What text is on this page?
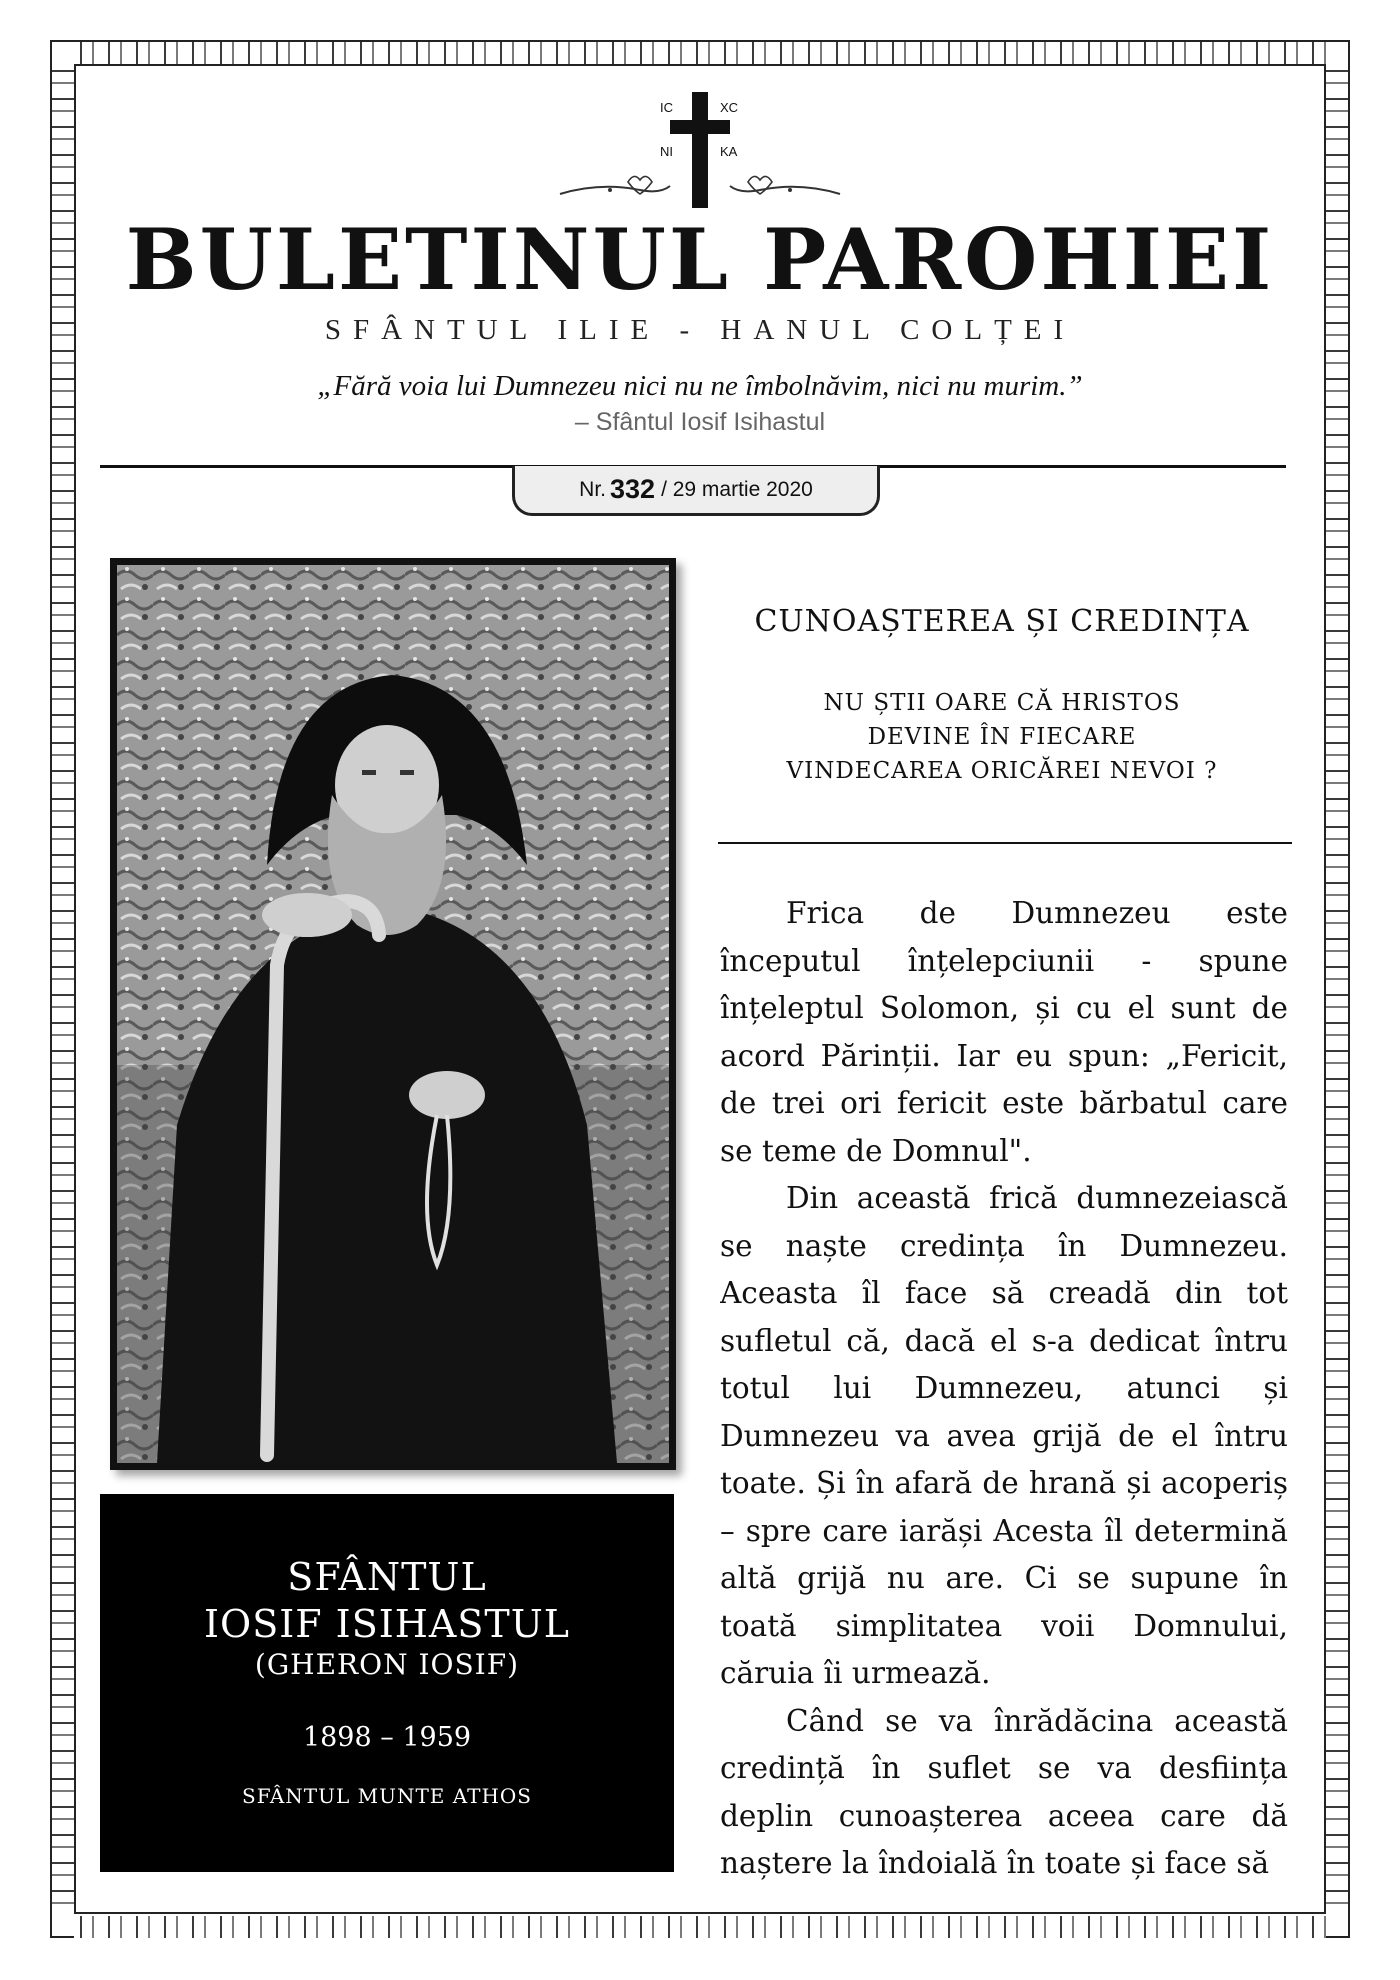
IC	XC
NI	KA
BULETINUL PAROHIEI
SFÂNTUL ILIE - HANUL COLȚEI
„Fără voia lui Dumnezeu nici nu ne îmbolnăvim, nici nu murim.”
– Sfântul Iosif Isihastul
Nr. 332 / 29 martie 2020
SFÂNTUL
IOSIF ISIHASTUL
(GHERON IOSIF)
1898 – 1959
SFÂNTUL MUNTE ATHOS
CUNOAȘTEREA ȘI CREDINȚA
NU ȘTII OARE CĂ HRISTOS
DEVINE ÎN FIECARE
VINDECAREA ORICĂREI NEVOI ?

Frica de Dumnezeu este începutul înțelepciunii - spune înțeleptul Solomon, și cu el sunt de acord Părinții. Iar eu spun: „Fericit, de trei ori fericit este bărbatul care se teme de Domnul".

Din această frică dumnezeiască se naște credința în Dumnezeu. Aceasta îl face să creadă din tot sufletul că, dacă el s-a dedicat întru totul lui Dumnezeu, atunci și Dumnezeu va avea grijă de el întru toate. Și în afară de hrană și acoperiș – spre care iarăși Acesta îl determină altă grijă nu are. Ci se supune în toată simplitatea voii Domnului, căruia îi urmează.

Când se va înrădăcina această credință în suflet se va desființa deplin cunoașterea aceea care dă naștere la îndoială în toate și face să
